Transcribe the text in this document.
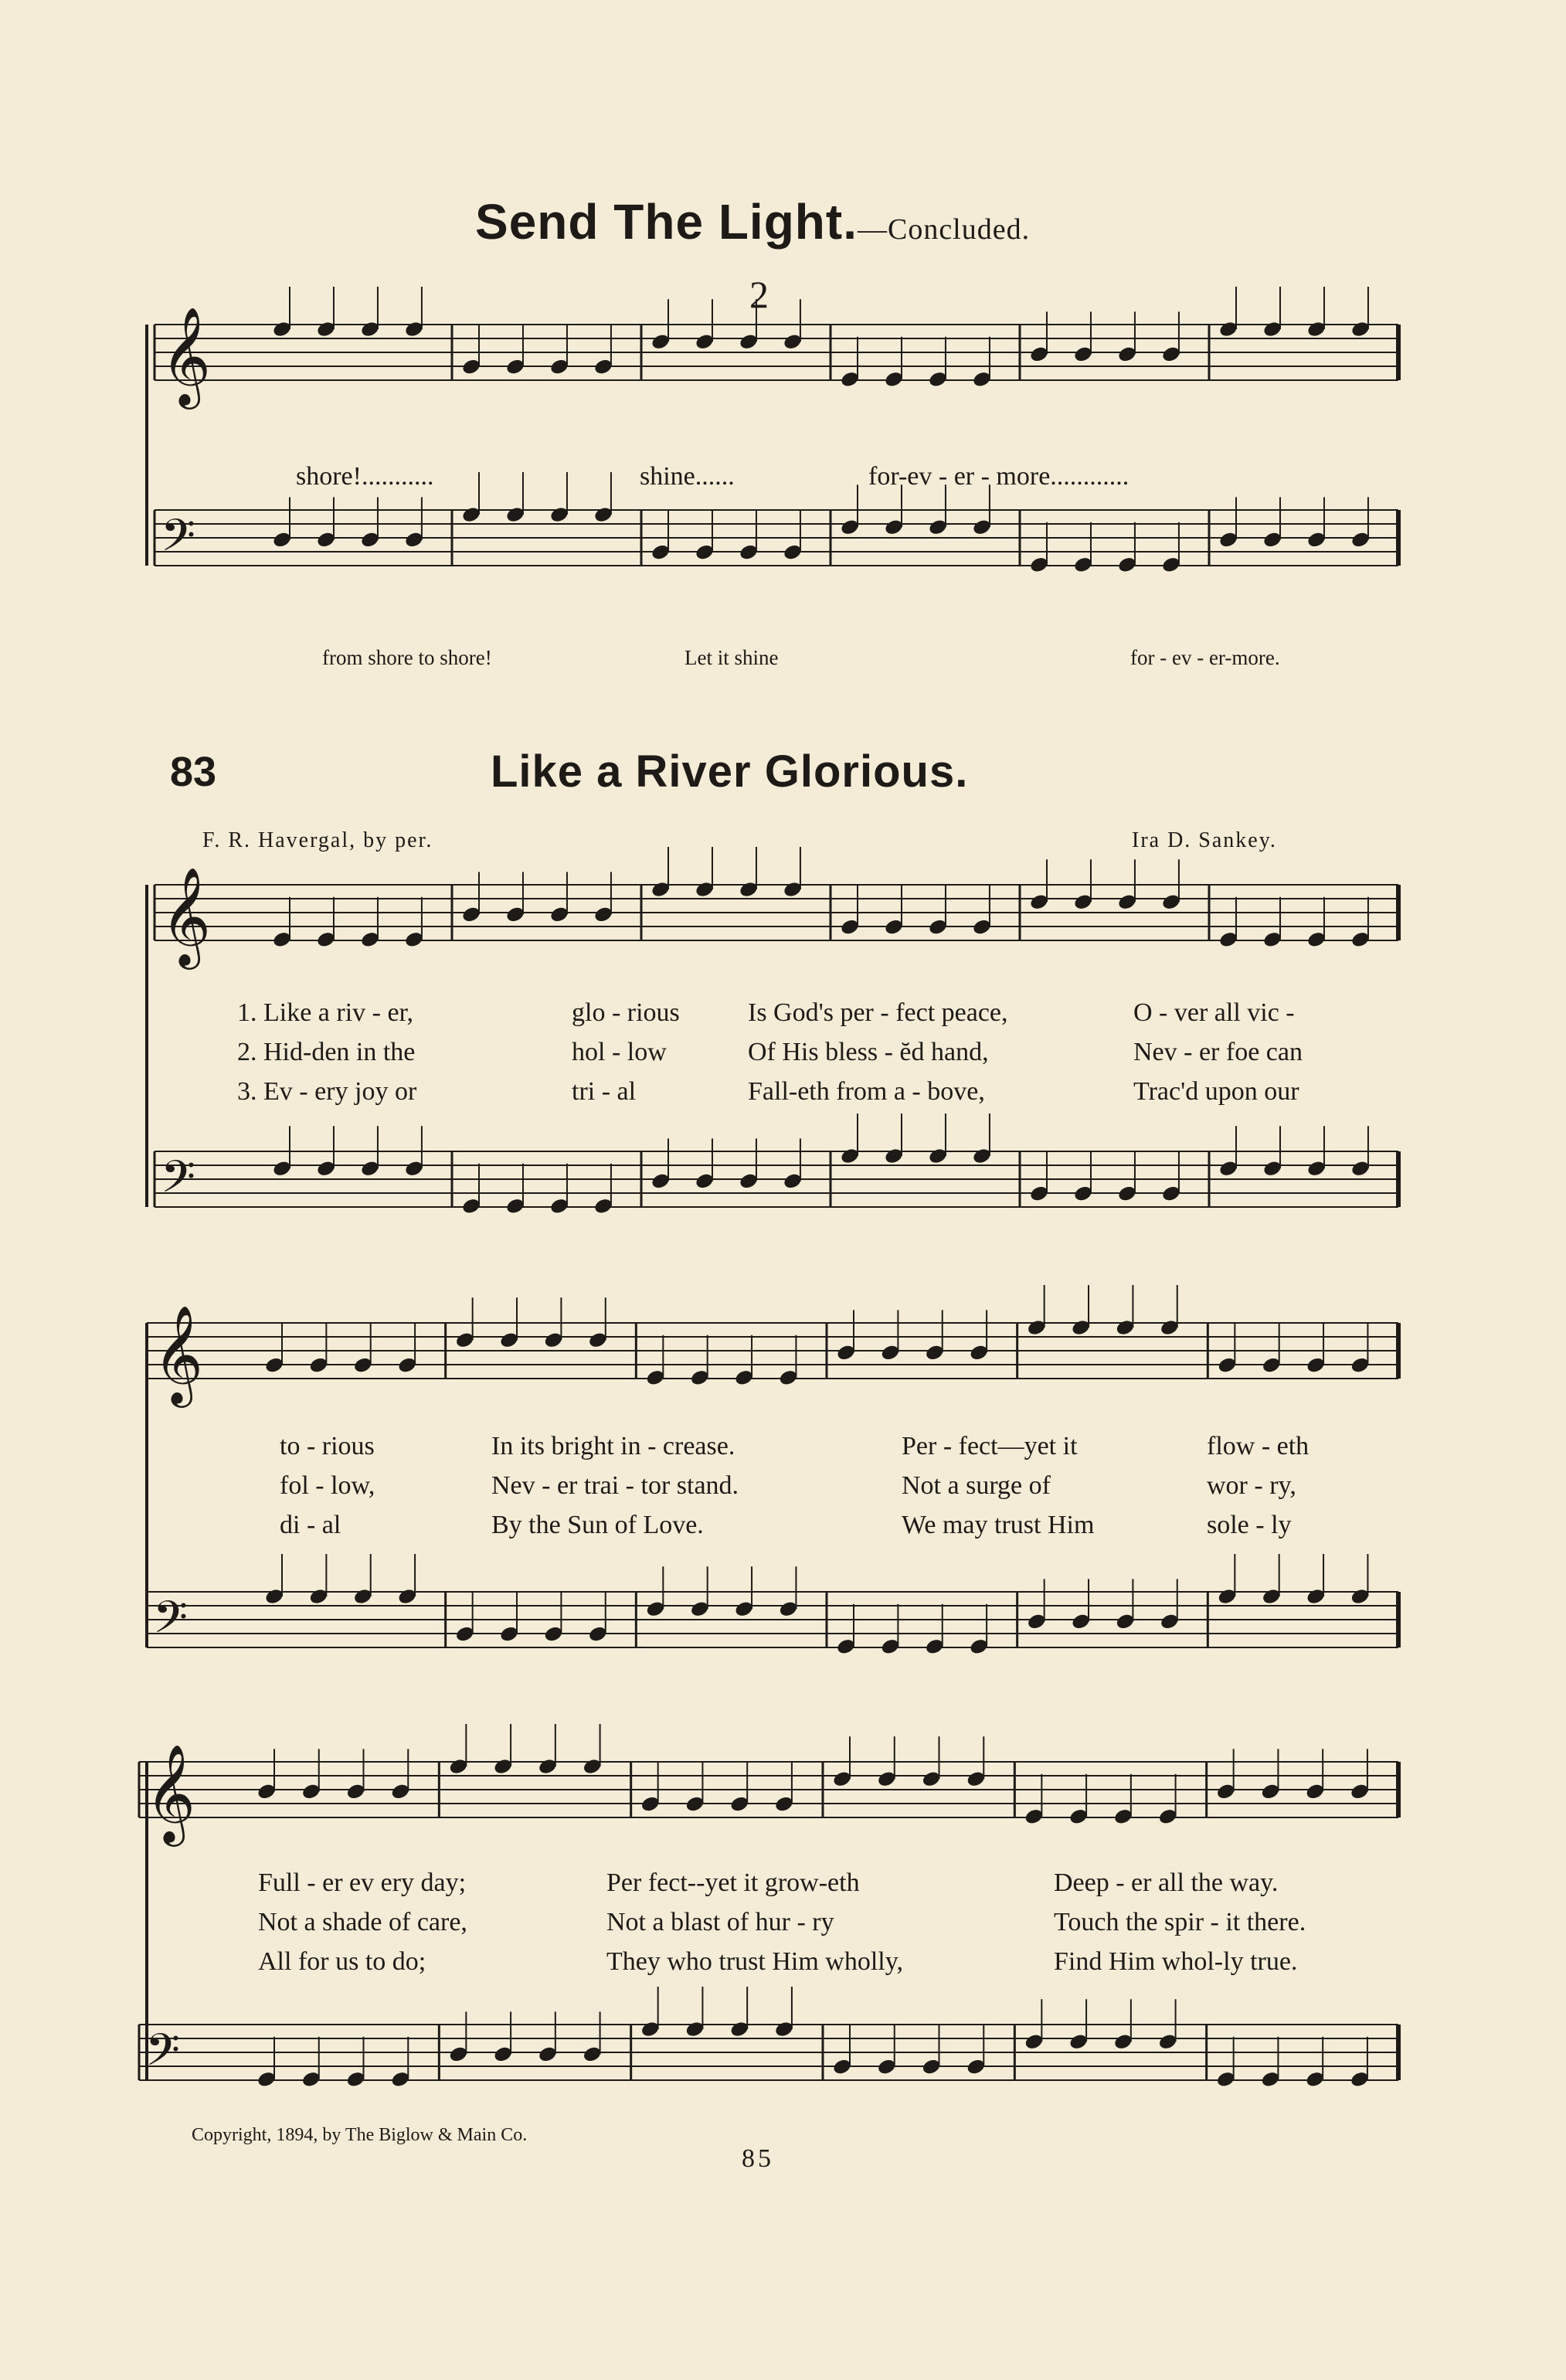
Send The Light.—Concluded.
𝄞
𝄢
𝄞
𝄢
𝄞
𝄢
𝄞
𝄢
2
shore!...........	shine......	for-ev - er - more............
from shore to shore!	Let it shine	for - ev - er-more.
83	Like a River Glorious.
F. R. Havergal, by per.	Ira D. Sankey.
1. Like a riv - er,	glo - rious	Is God's per - fect peace,	O - ver all vic -
2. Hid-den in the	hol - low	Of His bless - ĕd hand,	Nev - er foe can
3. Ev - ery joy or	tri - al	Fall-eth from a - bove,	Trac'd upon our
to - rious	In its bright in - crease.	Per - fect—yet it	flow - eth
fol - low,	Nev - er trai - tor stand.	Not a surge of	wor - ry,
di - al	By the Sun of Love.	We may trust Him	sole - ly
Full - er ev ery day;	Per fect--yet it grow-eth	Deep - er all the way.
Not a shade of care,	Not a blast of hur - ry	Touch the spir - it there.
All for us to do;	They who trust Him wholly,	Find Him whol-ly true.
Copyright, 1894, by The Biglow & Main Co.
85
